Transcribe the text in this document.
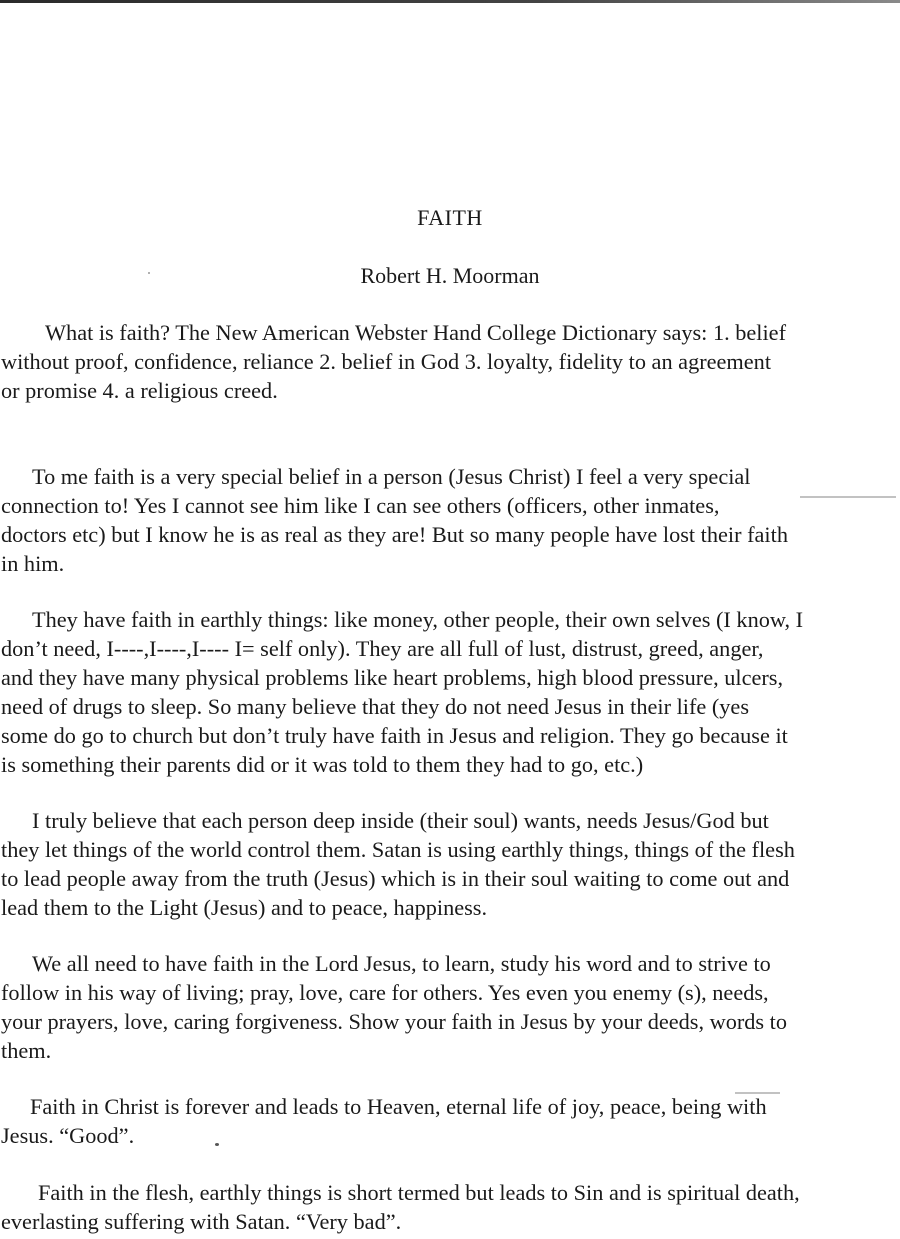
FAITH
Robert H. Moorman
What is faith? The New American Webster Hand College Dictionary says: 1. belief
without proof, confidence, reliance 2. belief in God 3. loyalty, fidelity to an agreement
or promise 4. a religious creed.
To me faith is a very special belief in a person (Jesus Christ) I feel a very special
connection to! Yes I cannot see him like I can see others (officers, other inmates,
doctors etc) but I know he is as real as they are! But so many people have lost their faith
in him.
They have faith in earthly things: like money, other people, their own selves (I know, I
don’t need, I----,I----,I---- I= self only). They are all full of lust, distrust, greed, anger,
and they have many physical problems like heart problems, high blood pressure, ulcers,
need of drugs to sleep. So many believe that they do not need Jesus in their life (yes
some do go to church but don’t truly have faith in Jesus and religion. They go because it
is something their parents did or it was told to them they had to go, etc.)
I truly believe that each person deep inside (their soul) wants, needs Jesus/God but
they let things of the world control them. Satan is using earthly things, things of the flesh
to lead people away from the truth (Jesus) which is in their soul waiting to come out and
lead them to the Light (Jesus) and to peace, happiness.
We all need to have faith in the Lord Jesus, to learn, study his word and to strive to
follow in his way of living; pray, love, care for others. Yes even you enemy (s), needs,
your prayers, love, caring forgiveness. Show your faith in Jesus by your deeds, words to
them.
Faith in Christ is forever and leads to Heaven, eternal life of joy, peace, being with
Jesus. “Good”.
Faith in the flesh, earthly things is short termed but leads to Sin and is spiritual death,
everlasting suffering with Satan. “Very bad”.
